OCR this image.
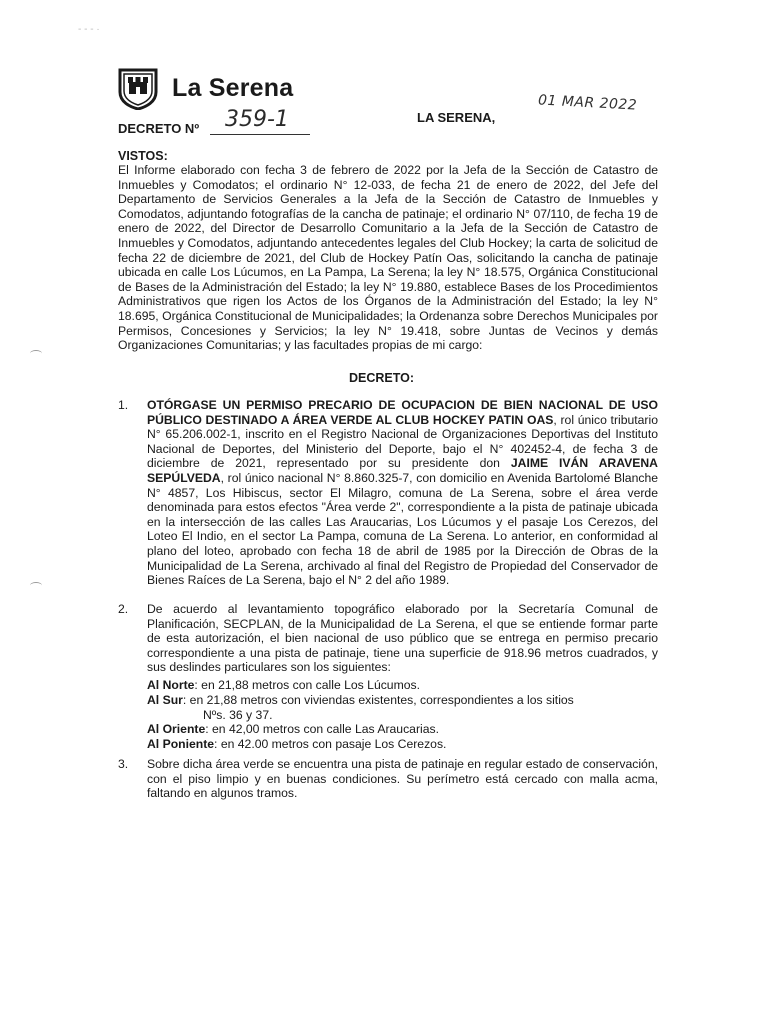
- - - ·
La Serena
DECRETO Nº 359-1	LA SERENA,
01 MAR 2022
VISTOS:
El Informe elaborado con fecha 3 de febrero de 2022 por la Jefa de la Sección de Catastro de Inmuebles y Comodatos; el ordinario N° 12-033, de fecha 21 de enero de 2022, del Jefe del Departamento de Servicios Generales a la Jefa de la Sección de Catastro de Inmuebles y Comodatos, adjuntando fotografías de la cancha de patinaje; el ordinario N° 07/110, de fecha 19 de enero de 2022, del Director de Desarrollo Comunitario a la Jefa de la Sección de Catastro de Inmuebles y Comodatos, adjuntando antecedentes legales del Club Hockey; la carta de solicitud de fecha 22 de diciembre de 2021, del Club de Hockey Patín Oas, solicitando la cancha de patinaje ubicada en calle Los Lúcumos, en La Pampa, La Serena; la ley N° 18.575, Orgánica Constitucional de Bases de la Administración del Estado; la ley N° 19.880, establece Bases de los Procedimientos Administrativos que rigen los Actos de los Órganos de la Administración del Estado; la ley N° 18.695, Orgánica Constitucional de Municipalidades; la Ordenanza sobre Derechos Municipales por Permisos, Concesiones y Servicios; la ley N° 19.418, sobre Juntas de Vecinos y demás Organizaciones Comunitarias; y las facultades propias de mi cargo:
DECRETO:
1. OTÓRGASE UN PERMISO PRECARIO DE OCUPACION DE BIEN NACIONAL DE USO PÚBLICO DESTINADO A ÁREA VERDE AL CLUB HOCKEY PATIN OAS, rol único tributario N° 65.206.002-1, inscrito en el Registro Nacional de Organizaciones Deportivas del Instituto Nacional de Deportes, del Ministerio del Deporte, bajo el N° 402452-4, de fecha 3 de diciembre de 2021, representado por su presidente don JAIME IVÁN ARAVENA SEPÚLVEDA, rol único nacional N° 8.860.325-7, con domicilio en Avenida Bartolomé Blanche N° 4857, Los Hibiscus, sector El Milagro, comuna de La Serena, sobre el área verde denominada para estos efectos "Área verde 2", correspondiente a la pista de patinaje ubicada en la intersección de las calles Las Araucarias, Los Lúcumos y el pasaje Los Cerezos, del Loteo El Indio, en el sector La Pampa, comuna de La Serena. Lo anterior, en conformidad al plano del loteo, aprobado con fecha 18 de abril de 1985 por la Dirección de Obras de la Municipalidad de La Serena, archivado al final del Registro de Propiedad del Conservador de Bienes Raíces de La Serena, bajo el N° 2 del año 1989.
2. De acuerdo al levantamiento topográfico elaborado por la Secretaría Comunal de Planificación, SECPLAN, de la Municipalidad de La Serena, el que se entiende formar parte de esta autorización, el bien nacional de uso público que se entrega en permiso precario correspondiente a una pista de patinaje, tiene una superficie de 918.96 metros cuadrados, y sus deslindes particulares son los siguientes:
Al Norte: en 21,88 metros con calle Los Lúcumos.
Al Sur: en 21,88 metros con viviendas existentes, correspondientes a los sitios
Nºs. 36 y 37.
Al Oriente: en 42,00 metros con calle Las Araucarias.
Al Poniente: en 42.00 metros con pasaje Los Cerezos.
3. Sobre dicha área verde se encuentra una pista de patinaje en regular estado de conservación, con el piso limpio y en buenas condiciones. Su perímetro está cercado con malla acma, faltando en algunos tramos.
